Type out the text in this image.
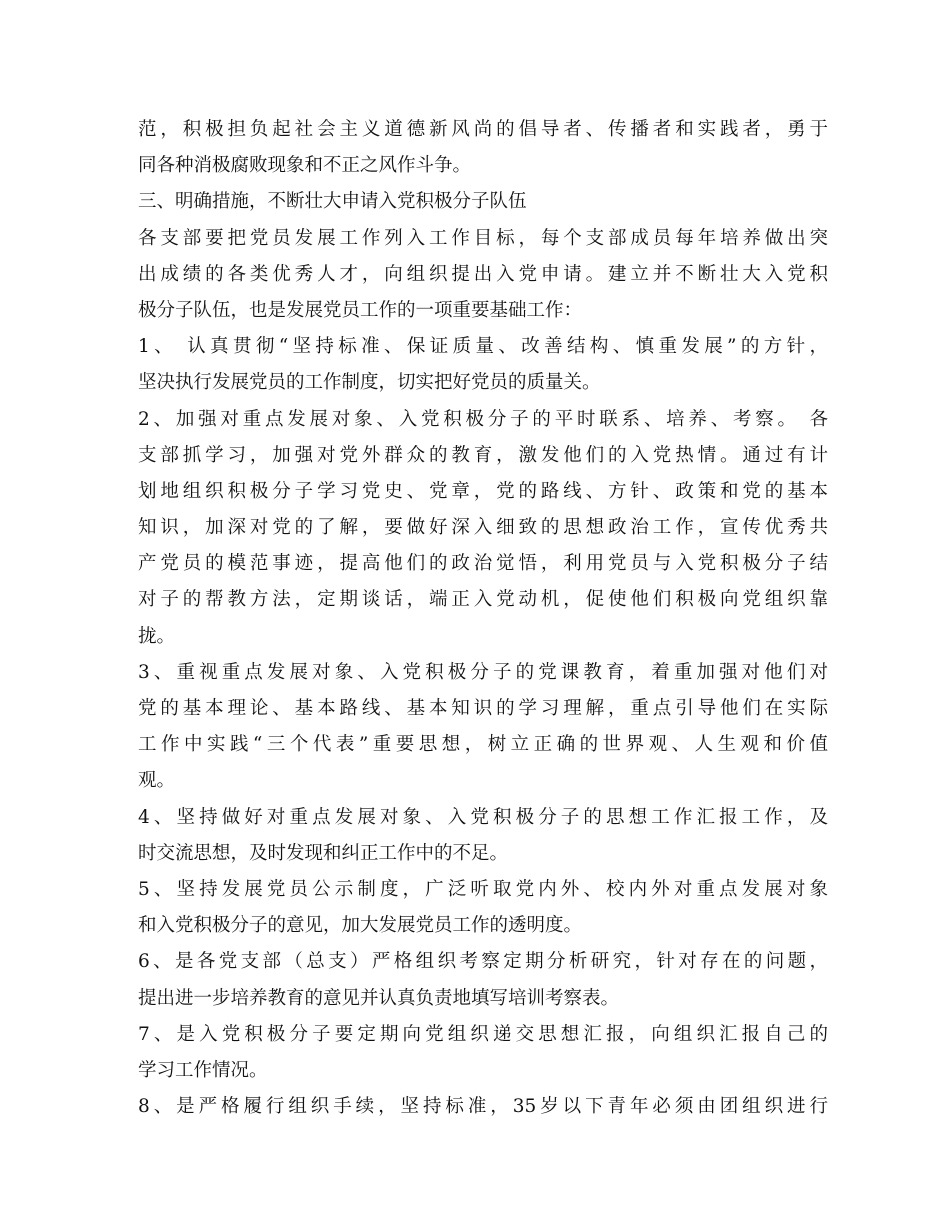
范，积极担负起社会主义道德新风尚的倡导者、传播者和实践者，勇于
同各种消极腐败现象和不正之风作斗争。
三、明确措施，不断壮大申请入党积极分子队伍
各支部要把党员发展工作列入工作目标，每个支部成员每年培养做出突
出成绩的各类优秀人才，向组织提出入党申请。建立并不断壮大入党积
极分子队伍，也是发展党员工作的一项重要基础工作：
1、 认真贯彻“坚持标准、保证质量、改善结构、慎重发展”的方针，
坚决执行发展党员的工作制度，切实把好党员的质量关。
2、加强对重点发展对象、入党积极分子的平时联系、培养、考察。 各
支部抓学习，加强对党外群众的教育，激发他们的入党热情。通过有计
划地组织积极分子学习党史、党章，党的路线、方针、政策和党的基本
知识，加深对党的了解，要做好深入细致的思想政治工作，宣传优秀共
产党员的模范事迹，提高他们的政治觉悟，利用党员与入党积极分子结
对子的帮教方法，定期谈话，端正入党动机，促使他们积极向党组织靠
拢。
3、重视重点发展对象、入党积极分子的党课教育，着重加强对他们对
党的基本理论、基本路线、基本知识的学习理解，重点引导他们在实际
工作中实践“三个代表”重要思想，树立正确的世界观、人生观和价值
观。
4、坚持做好对重点发展对象、入党积极分子的思想工作汇报工作，及
时交流思想，及时发现和纠正工作中的不足。
5、坚持发展党员公示制度，广泛听取党内外、校内外对重点发展对象
和入党积极分子的意见，加大发展党员工作的透明度。
6、是各党支部（总支）严格组织考察定期分析研究，针对存在的问题，
提出进一步培养教育的意见并认真负责地填写培训考察表。
7、是入党积极分子要定期向党组织递交思想汇报，向组织汇报自己的
学习工作情况。
8、是严格履行组织手续，坚持标准，35岁以下青年必须由团组织进行
